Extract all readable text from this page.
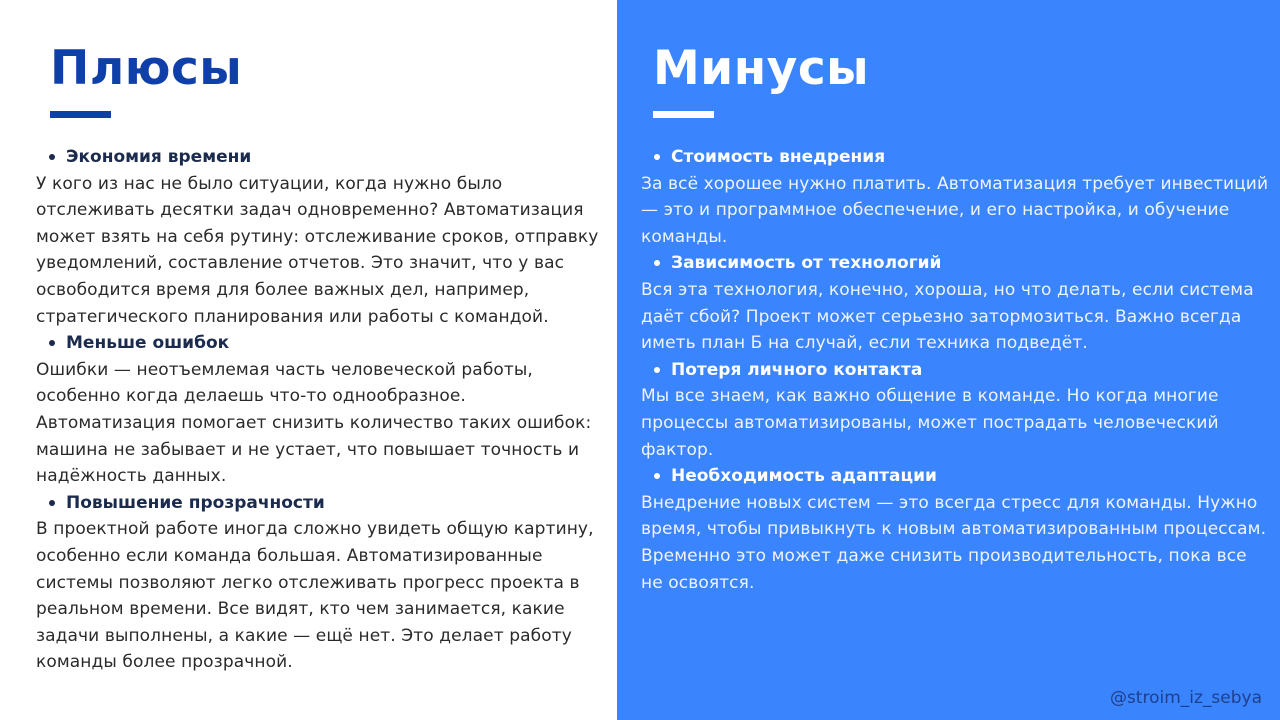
Плюсы
Экономия времени

У кого из нас не было ситуации, когда нужно было отслеживать десятки задач одновременно? Автоматизация может взять на себя рутину: отслеживание сроков, отправку уведомлений, составление отчетов. Это значит, что у вас освободится время для более важных дел, например, стратегического планирования или работы с командой.

Меньше ошибок

Ошибки — неотъемлемая часть человеческой работы, особенно когда делаешь что-то однообразное. Автоматизация помогает снизить количество таких ошибок: машина не забывает и не устает, что повышает точность и надёжность данных.

Повышение прозрачности

В проектной работе иногда сложно увидеть общую картину, особенно если команда большая. Автоматизированные системы позволяют легко отслеживать прогресс проекта в реальном времени. Все видят, кто чем занимается, какие задачи выполнены, а какие — ещё нет. Это делает работу команды более прозрачной.

Минусы
Стоимость внедрения

За всё хорошее нужно платить. Автоматизация требует инвестиций — это и программное обеспечение, и его настройка, и обучение команды.

Зависимость от технологий

Вся эта технология, конечно, хороша, но что делать, если система даёт сбой? Проект может серьезно затормозиться. Важно всегда иметь план Б на случай, если техника подведёт.

Потеря личного контакта

Мы все знаем, как важно общение в команде. Но когда многие процессы автоматизированы, может пострадать человеческий фактор.

Необходимость адаптации

Внедрение новых систем — это всегда стресс для команды. Нужно время, чтобы привыкнуть к новым автоматизированным процессам. Временно это может даже снизить производительность, пока все не освоятся.

@stroim_iz_sebya
